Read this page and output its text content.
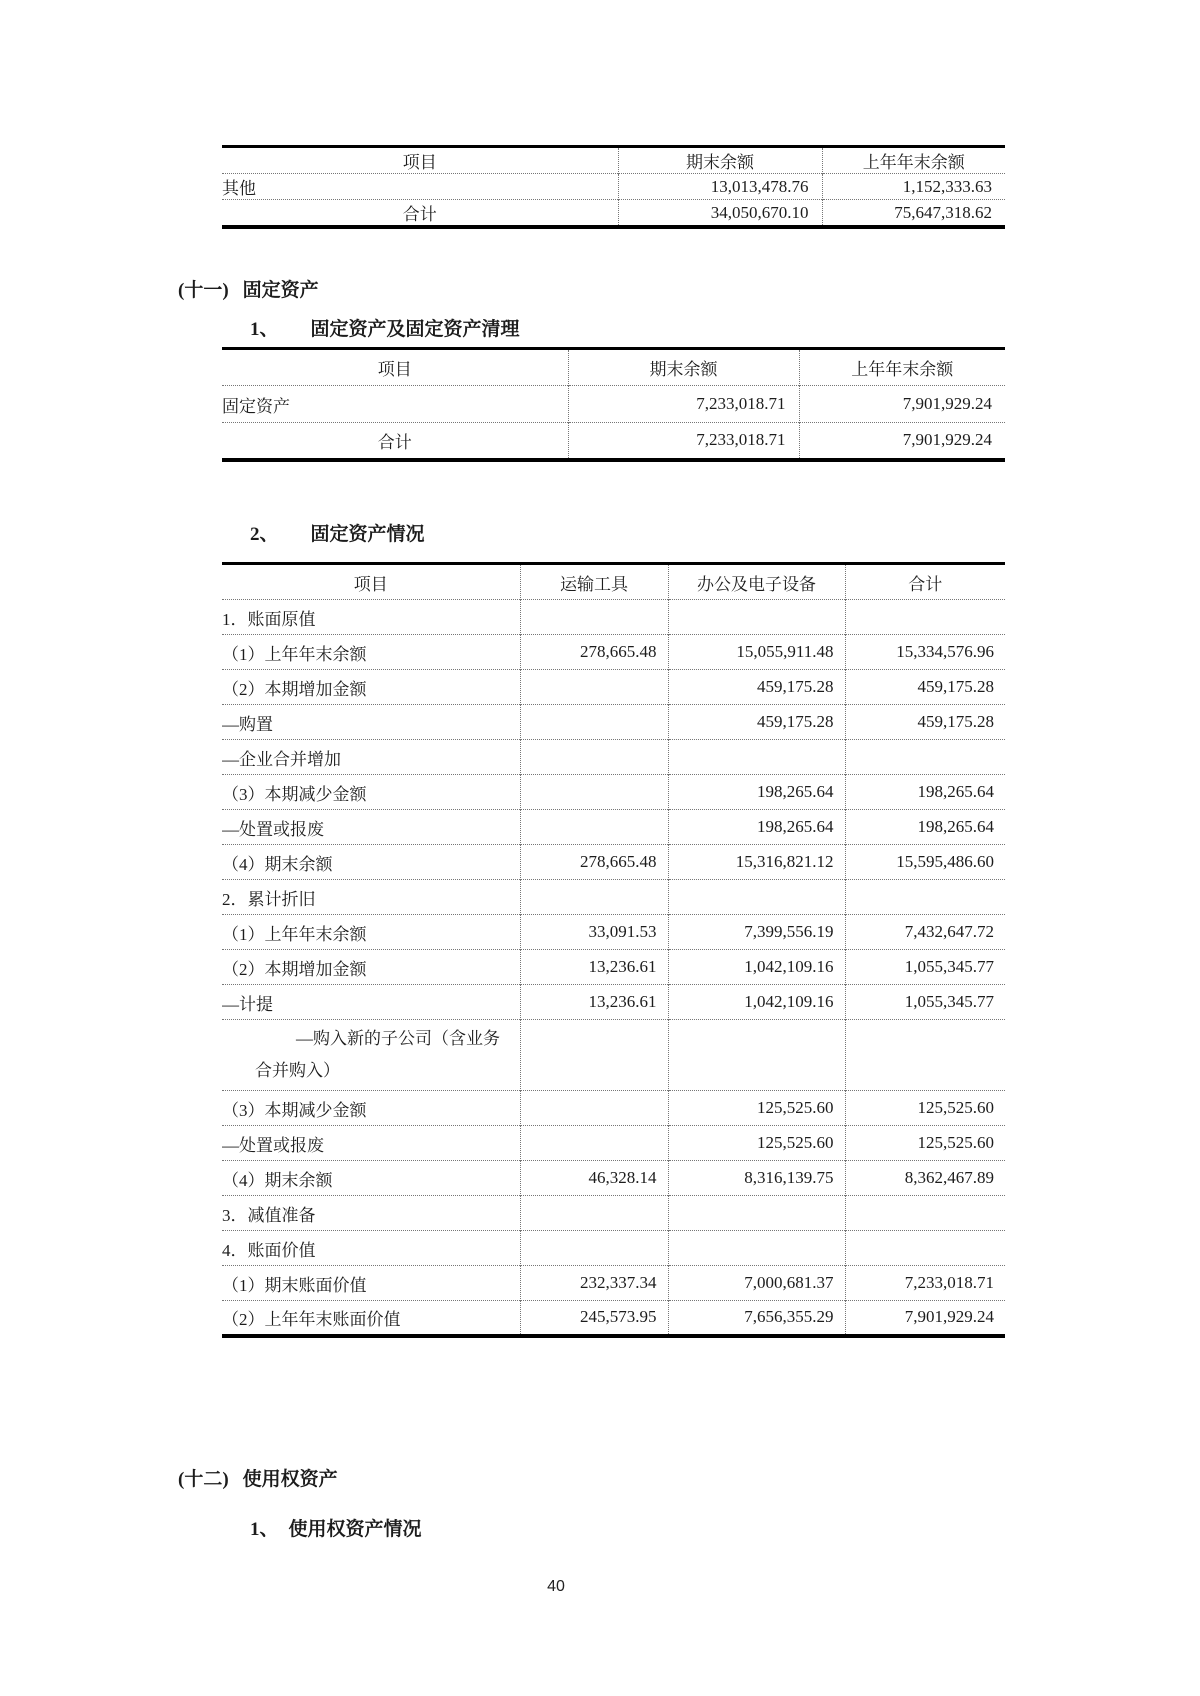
项目	期末余额	上年年末余额
其他	13,013,478.76	1,152,333.63
合计	34,050,670.10	75,647,318.62
(十一) 固定资产
1、 固定资产及固定资产清理
项目	期末余额	上年年末余额
固定资产	7,233,018.71	7,901,929.24
合计	7,233,018.71	7,901,929.24
2、 固定资产情况
项目	运输工具	办公及电子设备	合计
1．账面原值			
（1）上年年末余额	278,665.48	15,055,911.48	15,334,576.96
（2）本期增加金额		459,175.28	459,175.28
—购置		459,175.28	459,175.28
—企业合并增加			
（3）本期减少金额		198,265.64	198,265.64
—处置或报废		198,265.64	198,265.64
（4）期末余额	278,665.48	15,316,821.12	15,595,486.60
2．累计折旧			
（1）上年年末余额	33,091.53	7,399,556.19	7,432,647.72
（2）本期增加金额	13,236.61	1,042,109.16	1,055,345.77
—计提	13,236.61	1,042,109.16	1,055,345.77

—购入新的子公司（含业务
合并购入）			

（3）本期减少金额		125,525.60	125,525.60
—处置或报废		125,525.60	125,525.60
（4）期末余额	46,328.14	8,316,139.75	8,362,467.89
3．减值准备			
4．账面价值			
（1）期末账面价值	232,337.34	7,000,681.37	7,233,018.71
（2）上年年末账面价值	245,573.95	7,656,355.29	7,901,929.24
(十二) 使用权资产
1、 使用权资产情况
40
